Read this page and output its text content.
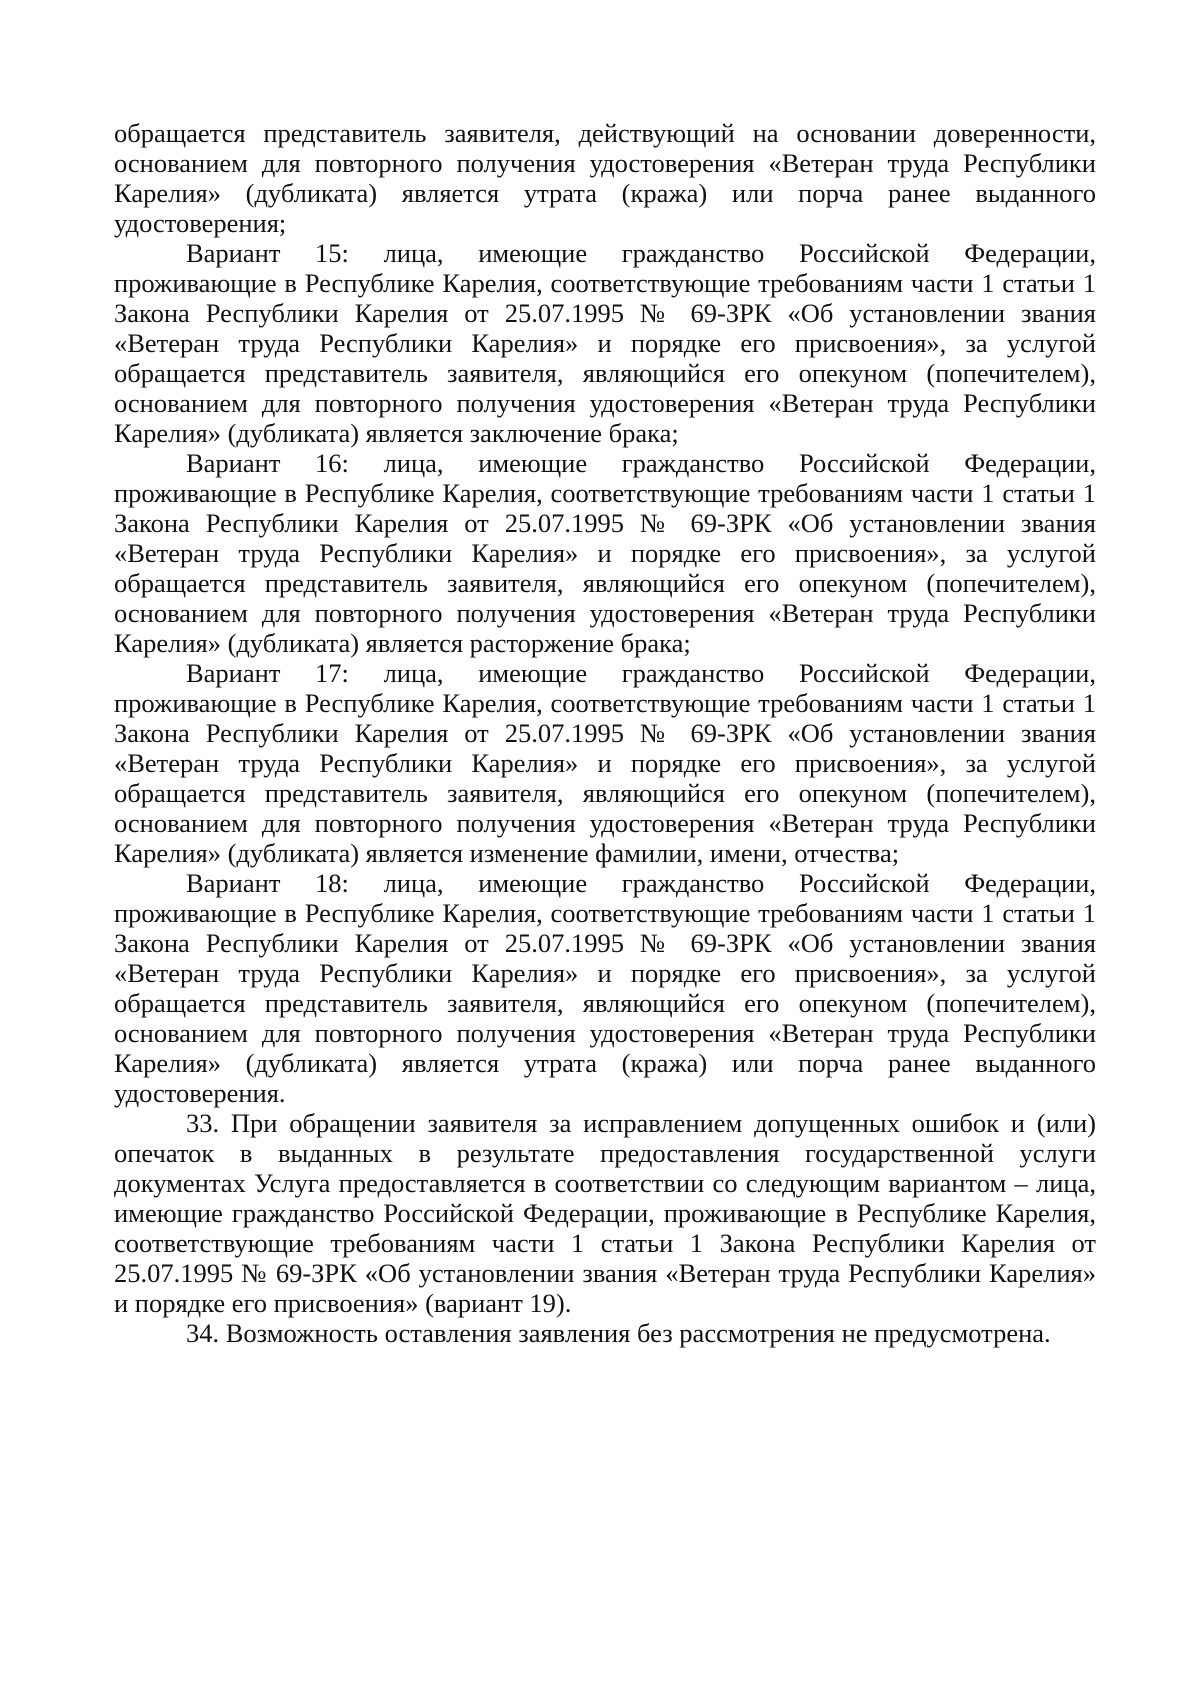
обращается представитель заявителя, действующий на основании доверенности, основанием для повторного получения удостоверения «Ветеран труда Республики Карелия» (дубликата) является утрата (кража) или порча ранее выданного удостоверения;

Вариант 15: лица, имеющие гражданство Российской Федерации, проживающие в Республике Карелия, соответствующие требованиям части 1 статьи 1 Закона Республики Карелия от 25.07.1995 № 69-ЗРК «Об установлении звания «Ветеран труда Республики Карелия» и порядке его присвоения», за услугой обращается представитель заявителя, являющийся его опекуном (попечителем), основанием для повторного получения удостоверения «Ветеран труда Республики Карелия» (дубликата) является заключение брака;

Вариант 16: лица, имеющие гражданство Российской Федерации, проживающие в Республике Карелия, соответствующие требованиям части 1 статьи 1 Закона Республики Карелия от 25.07.1995 № 69-ЗРК «Об установлении звания «Ветеран труда Республики Карелия» и порядке его присвоения», за услугой обращается представитель заявителя, являющийся его опекуном (попечителем), основанием для повторного получения удостоверения «Ветеран труда Республики Карелия» (дубликата) является расторжение брака;

Вариант 17: лица, имеющие гражданство Российской Федерации, проживающие в Республике Карелия, соответствующие требованиям части 1 статьи 1 Закона Республики Карелия от 25.07.1995 № 69-ЗРК «Об установлении звания «Ветеран труда Республики Карелия» и порядке его присвоения», за услугой обращается представитель заявителя, являющийся его опекуном (попечителем), основанием для повторного получения удостоверения «Ветеран труда Республики Карелия» (дубликата) является изменение фамилии, имени, отчества;

Вариант 18: лица, имеющие гражданство Российской Федерации, проживающие в Республике Карелия, соответствующие требованиям части 1 статьи 1 Закона Республики Карелия от 25.07.1995 № 69-ЗРК «Об установлении звания «Ветеран труда Республики Карелия» и порядке его присвоения», за услугой обращается представитель заявителя, являющийся его опекуном (попечителем), основанием для повторного получения удостоверения «Ветеран труда Республики Карелия» (дубликата) является утрата (кража) или порча ранее выданного удостоверения.

33. При обращении заявителя за исправлением допущенных ошибок и (или) опечаток в выданных в результате предоставления государственной услуги документах Услуга предоставляется в соответствии со следующим вариантом – лица, имеющие гражданство Российской Федерации, проживающие в Республике Карелия, соответствующие требованиям части 1 статьи 1 Закона Республики Карелия от 25.07.1995 № 69-ЗРК «Об установлении звания «Ветеран труда Республики Карелия» и порядке его присвоения» (вариант 19).

34. Возможность оставления заявления без рассмотрения не предусмотрена.
